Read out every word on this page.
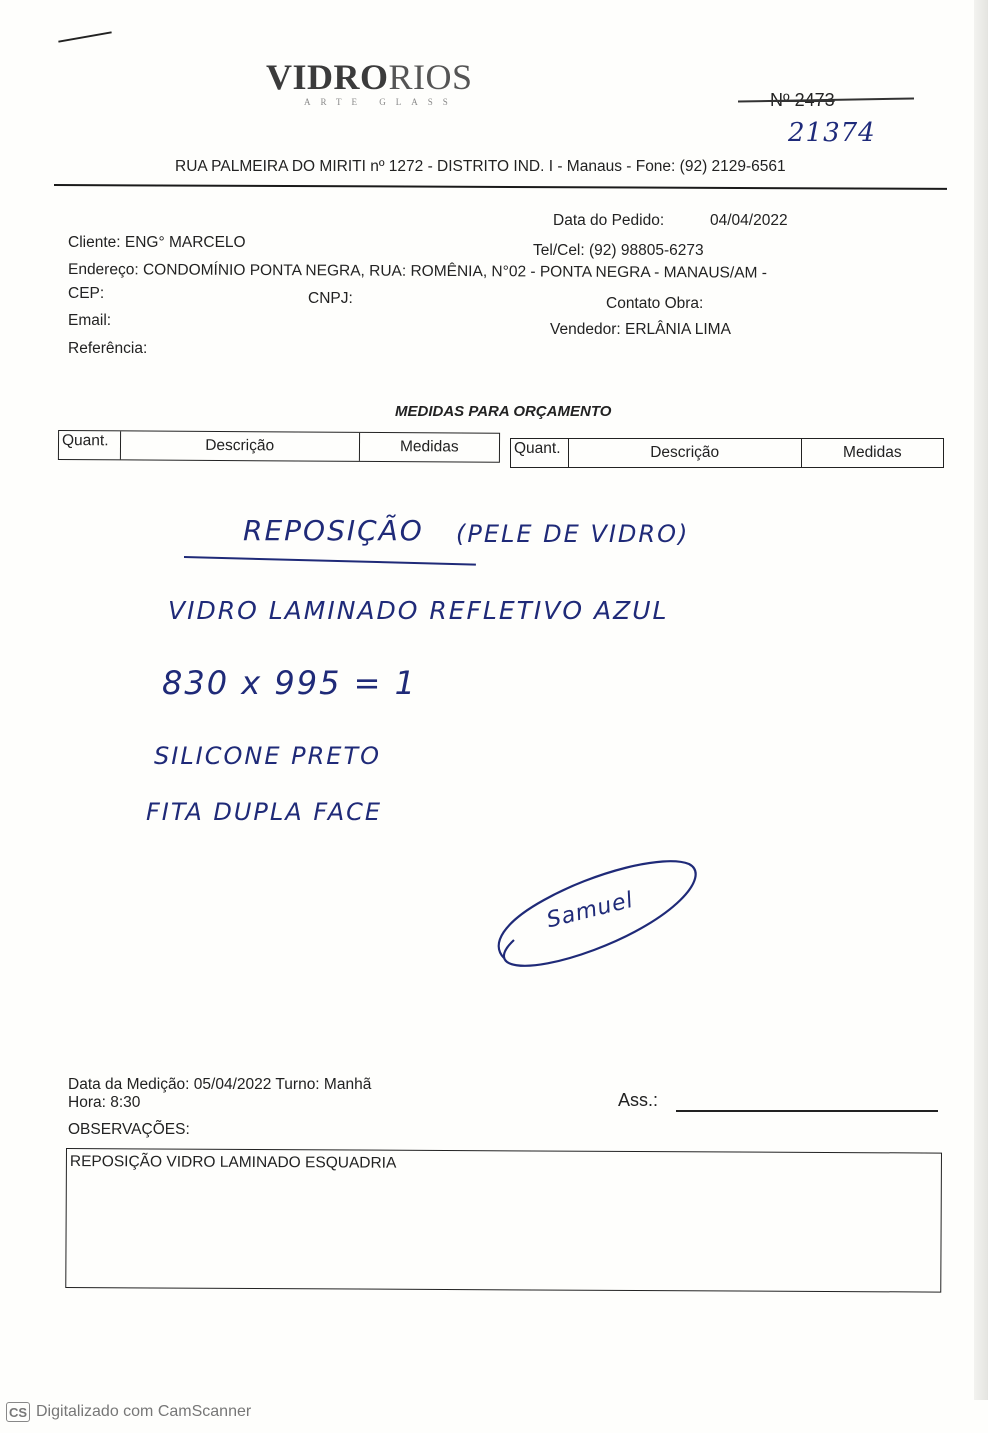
VIDRORIOS
ARTE GLASS
21374
RUA PALMEIRA DO MIRITI nº 1272 - DISTRITO IND. I - Manaus - Fone: (92) 2129-6561
Data do Pedido:	04/04/2022
Cliente: ENG° MARCELO	Tel/Cel: (92) 98805-6273
Endereço: CONDOMÍNIO PONTA NEGRA, RUA: ROMÊNIA, N°02 - PONTA NEGRA - MANAUS/AM -
CEP:	CNPJ:	Contato Obra:
Email:
Vendedor: ERLÂNIA LIMA
Referência:
MEDIDAS PARA ORÇAMENTO
Quant.	Descrição	Medidas	Quant.	Descrição	Medidas
REPOSIÇÃO (PELE DE VIDRO)
VIDRO LAMINADO REFLETIVO AZUL
830 x 995 = 1
SILICONE PRETO
FITA DUPLA FACE
Samuel
Data da Medição: 05/04/2022 Turno: Manhã
Hora: 8:30	Ass.:
OBSERVAÇÕES:
REPOSIÇÃO VIDRO LAMINADO ESQUADRIA
CS Digitalizado com CamScanner
